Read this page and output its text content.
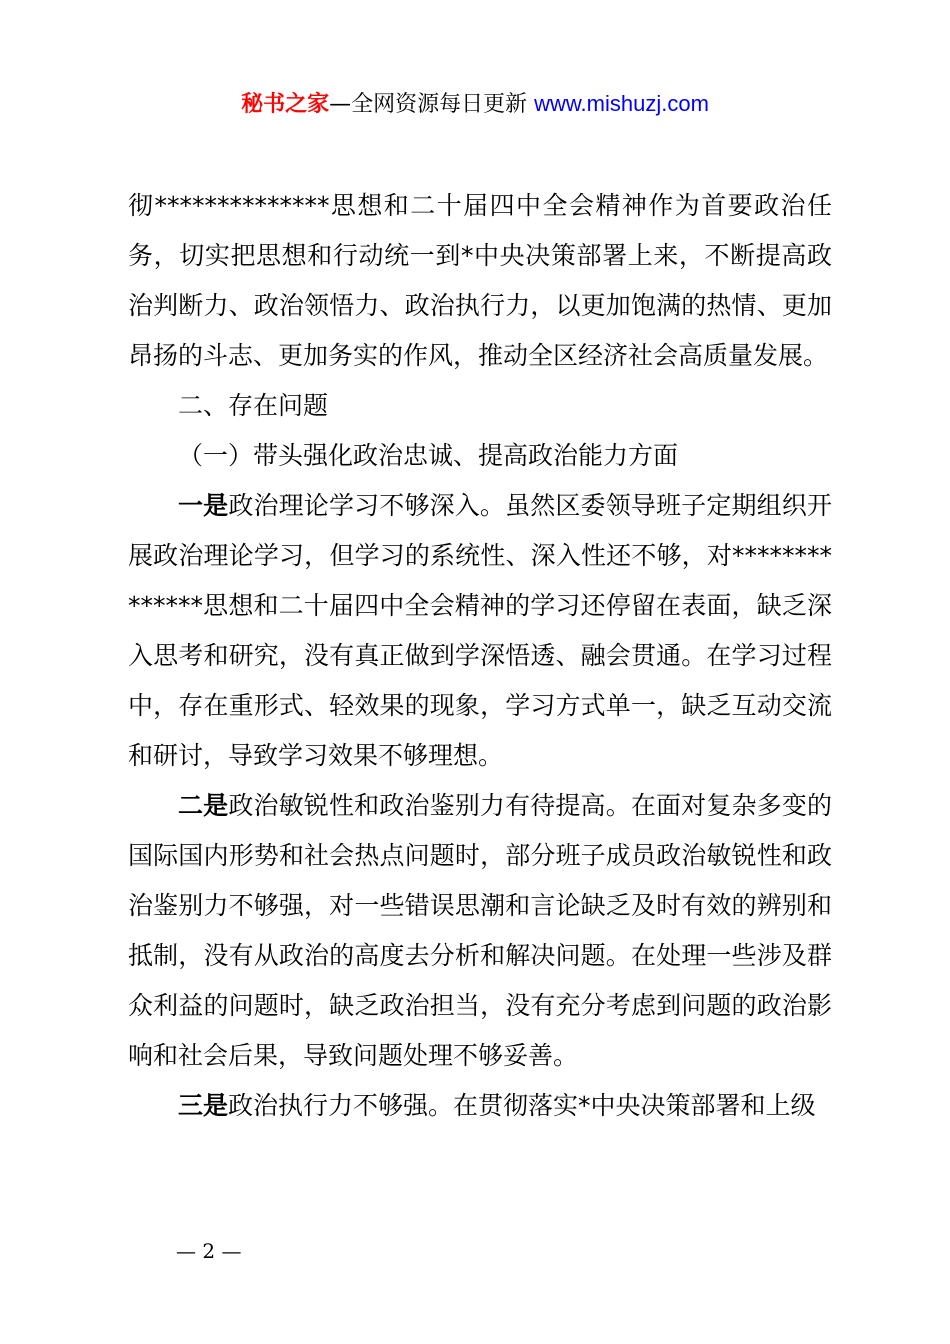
秘书之家—全网资源每日更新 www.mishuzj.com

彻**************思想和二十届四中全会精神作为首要政治任务，切实把思想和行动统一到*中央决策部署上来，不断提高政治判断力、政治领悟力、政治执行力，以更加饱满的热情、更加昂扬的斗志、更加务实的作风，推动全区经济社会高质量发展。

二、存在问题

（一）带头强化政治忠诚、提高政治能力方面

一是政治理论学习不够深入。虽然区委领导班子定期组织开展政治理论学习，但学习的系统性、深入性还不够，对**************思想和二十届四中全会精神的学习还停留在表面，缺乏深入思考和研究，没有真正做到学深悟透、融会贯通。在学习过程中，存在重形式、轻效果的现象，学习方式单一，缺乏互动交流和研讨，导致学习效果不够理想。

二是政治敏锐性和政治鉴别力有待提高。在面对复杂多变的国际国内形势和社会热点问题时，部分班子成员政治敏锐性和政治鉴别力不够强，对一些错误思潮和言论缺乏及时有效的辨别和抵制，没有从政治的高度去分析和解决问题。在处理一些涉及群众利益的问题时，缺乏政治担当，没有充分考虑到问题的政治影响和社会后果，导致问题处理不够妥善。

三是政治执行力不够强。在贯彻落实*中央决策部署和上级

— 2 —
